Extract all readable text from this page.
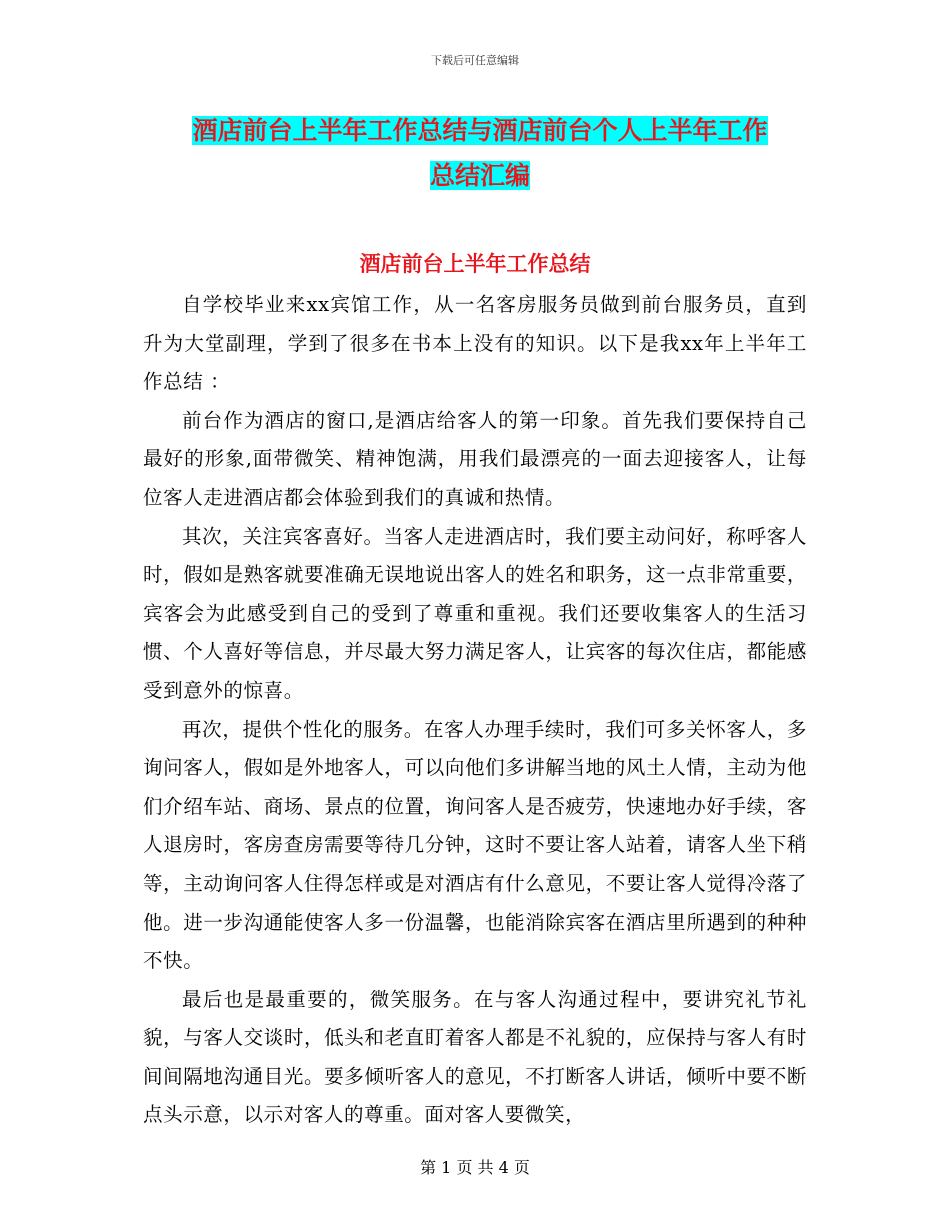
下载后可任意编辑
酒店前台上半年工作总结与酒店前台个人上半年工作
总结汇编
酒店前台上半年工作总结

自学校毕业来xx宾馆工作，从一名客房服务员做到前台服务员，直到升为大堂副理，学到了很多在书本上没有的知识。以下是我xx年上半年工作总结 ：

前台作为酒店的窗口,是酒店给客人的第一印象。首先我们要保持自己最好的形象,面带微笑、精神饱满，用我们最漂亮的一面去迎接客人，让每位客人走进酒店都会体验到我们的真诚和热情。

其次，关注宾客喜好。当客人走进酒店时，我们要主动问好，称呼客人时，假如是熟客就要准确无误地说出客人的姓名和职务，这一点非常重要，宾客会为此感受到自己的受到了尊重和重视。我们还要收集客人的生活习惯、个人喜好等信息，并尽最大努力满足客人，让宾客的每次住店，都能感受到意外的惊喜。

再次，提供个性化的服务。在客人办理手续时，我们可多关怀客人，多询问客人，假如是外地客人，可以向他们多讲解当地的风土人情，主动为他们介绍车站、商场、景点的位置，询问客人是否疲劳，快速地办好手续，客人退房时，客房查房需要等待几分钟，这时不要让客人站着，请客人坐下稍等，主动询问客人住得怎样或是对酒店有什么意见，不要让客人觉得冷落了他。进一步沟通能使客人多一份温馨，也能消除宾客在酒店里所遇到的种种不快。

最后也是最重要的，微笑服务。在与客人沟通过程中，要讲究礼节礼貌，与客人交谈时，低头和老直盯着客人都是不礼貌的，应保持与客人有时间间隔地沟通目光。要多倾听客人的意见，不打断客人讲话，倾听中要不断点头示意，以示对客人的尊重。面对客人要微笑，

第 1 页 共 4 页
